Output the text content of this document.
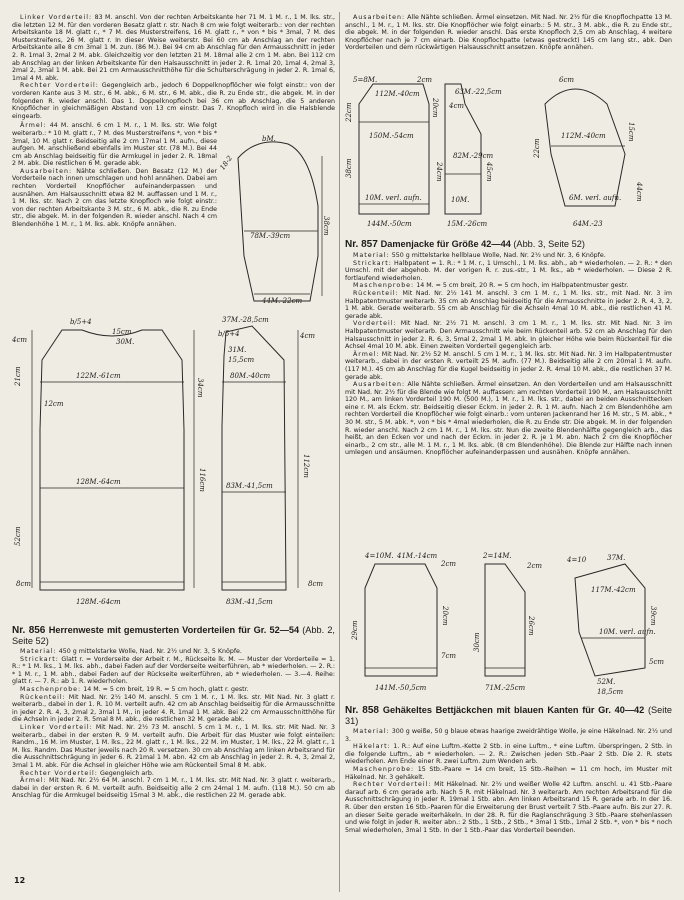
Linker Vorderteil: 83 M. anschl. Von der rechten Arbeitskante her 71 M. 1 M. r., 1 M. lks. str., die letzten 12 M. für den vorderen Besatz glatt r. str. Nach 8 cm wie folgt weiterarb.: von der rechten Arbeitskante 18 M. glatt r., * 7 M. des Musterstreifens, 16 M. glatt r., * von * bis * 3mal, 7 M. des Musterstreifens, 26 M. glatt r. In dieser Weise weiterstr. Bei 60 cm ab Anschlag an der rechten Arbeitskante alle 8 cm 3mal 1 M. zun. (86 M.). Bei 94 cm ab Anschlag für den Armausschnitt in jeder 2. R. 1mal 3, 2mal 2 M. abk. Gleichzeitig vor den letzten 21 M. 18mal alle 2 cm 1 M. abn. Bei 112 cm ab Anschlag an der linken Arbeitskante für den Halsausschnitt in jeder 2. R. 1mal 20, 1mal 4, 2mal 3, 2mal 2, 3mal 1 M. abk. Bei 21 cm Armausschnitthöhe für die Schulterschrägung in jeder 2. R. 1mal 6, 1mal 4 M. abk.

Rechter Vorderteil: Gegengleich arb., jedoch 6 Doppelknopflöcher wie folgt einstr.: von der vorderen Kante aus 3 M. str., 6 M. abk., 6 M. str., 6 M. abk., die R. zu Ende str., die abgek. M. in der folgenden R. wieder anschl. Das 1. Doppelknopfloch bei 36 cm ab Anschlag, die 5 anderen Knopflöcher in gleichmäßigen Abstand von 13 cm einstr. Das 7. Knopfloch wird in die Halsblende eingearb.

Ärmel: 44 M. anschl. 6 cm 1 M. r., 1 M. lks. str. Wie folgt weiterarb.: * 10 M. glatt r., 7 M. des Musterstreifens *, von * bis * 3mal, 10 M. glatt r. Beidseitig alle 2 cm 17mal 1 M. aufn., diese aufgen. M. anschließend ebenfalls im Muster str. (78 M.). Bei 44 cm ab Anschlag beidseitig für die Armkugel in jeder 2. R. 18mal 2 M. abk. Die restlichen 6 M. gerade abk.

Ausarbeiten: Nähte schließen. Den Besatz (12 M.) der Vorderteile nach innen umschlagen und hohl annähen. Dabei am rechten Vorderteil Knopflöcher aufeinanderpassen und ausnähen. Am Halsausschnitt etwa 82 M. auffassen und 1 M. r., 1 M. lks. str. Nach 2 cm das letzte Knopfloch wie folgt einstr.: von der rechten Arbeitskante 3 M. str., 6 M. abk., die R. zu Ende str., die abgek. M. in der folgenden R. wieder anschl. Nach 4 cm Blendenhöhe 1 M. r., 1 M. lks. abk. Knöpfe annähen.

bM.
18-2
78M.-39cm
38cm
44M.-22cm
b/5+4
15cm
30M.
4cm
21cm	122M.-61cm
34cm
12cm
116cm
128M.-64cm
52cm
8cm
128M.-64cm
37M.-28,5cm
b/5+4	4cm
31M.
15,5cm
80M.-40cm
112cm
83M.-41,5cm
8cm
83M.-41,5cm
Nr. 856 Herrenweste mit gemusterten Vorderteilen für Gr. 52—54 (Abb. 2, Seite 52)

Material: 450 g mittelstarke Wolle, Nad. Nr. 2½ und Nr. 3, 5 Knöpfe.

Strickart: Glatt r. = Vorderseite der Arbeit r. M., Rückseite lk. M. — Muster der Vorderteile = 1. R.: * 1 M. lks., 1 M. lks. abh., dabei Faden auf der Vorderseite weiterführen, ab * wiederholen. — 2. R.: * 1 M. r., 1 M. abh., dabei Faden auf der Rückseite weiterführen, ab * wiederholen. — 3.—4. Reihe: glatt r. — 7. R.: ab 1. R. wiederholen.

Maschenprobe: 14 M. = 5 cm breit, 19 R. = 5 cm hoch, glatt r. gestr.

Rückenteil: Mit Nad. Nr. 2½ 140 M. anschl. 5 cm 1 M. r., 1 M. lks. str. Mit Nad. Nr. 3 glatt r. weiterarb., dabei in der 1. R. 10 M. verteilt aufn. 42 cm ab Anschlag beidseitig für die Armausschnitte in jeder 2. R. 4, 3, 2mal 2, 3mal 1 M., in jeder 4. R. 1mal 1 M. abk. Bei 22 cm Armausschnitthöhe für die Achseln in jeder 2. R. 5mal 8 M. abk., die restlichen 32 M. gerade abk.

Linker Vorderteil: Mit Nad. Nr. 2½ 73 M. anschl. 5 cm 1 M. r., 1 M. lks. str. Mit Nad. Nr. 3 weiterarb., dabei in der ersten R. 9 M. verteilt aufn. Die Arbeit für das Muster wie folgt einteilen: Randm., 16 M. im Muster, 1 M. lks., 22 M. glatt r., 1 M. lks., 22 M. im Muster, 1 M. lks., 22 M. glatt r., 1 M. lks. Randm. Das Muster jeweils nach 20 R. versetzen. 30 cm ab Anschlag am linken Arbeitsrand für die Ausschnittschrägung in jeder 6. R. 21mal 1 M. abn. 42 cm ab Anschlag in jeder 2. R. 4, 3, 2mal 2, 3mal 1 M. abk. Für die Achsel in gleicher Höhe wie am Rückenteil 5mal 8 M. abk.

Rechter Vorderteil: Gegengleich arb.

Ärmel: Mit Nad. Nr. 2½ 64 M. anschl. 7 cm 1 M. r., 1 M. lks. str. Mit Nad. Nr. 3 glatt r. weiterarb., dabei in der ersten R. 6 M. verteilt aufn. Beidseitig alle 2 cm 24mal 1 M. aufn. (118 M.). 50 cm ab Anschlag für die Armkugel beidseitig 15mal 3 M. abk., die restlichen 22 M. gerade abk.

Ausarbeiten: Alle Nähte schließen. Ärmel einsetzen. Mit Nad. Nr. 2½ für die Knopflochpatte 13 M. anschl., 1 M. r., 1 M. lks. str. Die Knopflöcher wie folgt einarb.: 5 M. str., 3 M. abk., die R. zu Ende str., die abgek. M. in der folgenden R. wieder anschl. Das erste Knopfloch 2,5 cm ab Anschlag, 4 weitere Knopflöcher nach je 7 cm einarb. Die Knopflochpatte (etwas gestreckt) 145 cm lang str., abk. Den Vorderteilen und dem rückwärtigen Halsausschnitt ansetzen. Knöpfe annähen.

5=8M.	2cm
112M.-40cm
22cm	20cm 4cm
150M.-54cm
63M.-22,5cm
82M.-29cm
38cm	24cm	45cm
10M. verl. aufn.
144M.-50cm	15M.-26cm
10M.
6cm
112M.-40cm	15cm
22cm
44cm
6M. verl. aufn.
64M.-23
Nr. 857 Damenjacke für Größe 42—44 (Abb. 3, Seite 52)

Material: 550 g mittelstarke hellblaue Wolle, Nad. Nr. 2½ und Nr. 3, 6 Knöpfe.

Strickart: Halbpatent = 1. R.: * 1 M. r., 1 Umschl., 1 M. lks. abh., ab * wiederholen. — 2. R.: * den Umschl. mit der abgehob. M. der vorigen R. r. zus.-str., 1 M. lks., ab * wiederholen. — Diese 2 R. fortlaufend wiederholen.

Maschenprobe: 14 M. = 5 cm breit, 20 R. = 5 cm hoch, im Halbpatentmuster gestr.

Rückenteil: Mit Nad. Nr. 2½ 141 M. anschl. 3 cm 1 M. r., 1 M. lks. str., mit Nad. Nr. 3 im Halbpatentmuster weiterarb. 35 cm ab Anschlag beidseitig für die Armausschnitte in jeder 2. R. 4, 3, 2, 1 M. abk. Gerade weiterarb. 55 cm ab Anschlag für die Achseln 4mal 10 M. abk., die restlichen 41 M. gerade abk.

Vorderteil: Mit Nad. Nr. 2½ 71 M. anschl. 3 cm 1 M. r., 1 M. lks. str. Mit Nad. Nr. 3 im Halbpatentmuster weiterarb. Den Armausschnitt wie beim Rückenteil arb. 52 cm ab Anschlag für den Halsausschnitt in jeder 2. R. 6, 3, 5mal 2, 2mal 1 M. abk. In gleicher Höhe wie beim Rückenteil für die Achsel 4mal 10 M. abk. Einen zweiten Vorderteil gegengleich arb.

Ärmel: Mit Nad. Nr. 2½ 52 M. anschl. 5 cm 1 M. r., 1 M. lks. str. Mit Nad. Nr. 3 im Halbpatentmuster weiterarb., dabei in der ersten R. verteilt 25 M. aufn. (77 M.). Beidseitig alle 2 cm 20mal 1 M. aufn. (117 M.). 45 cm ab Anschlag für die Kugel beidseitig in jeder 2. R. 4mal 10 M. abk., die restlichen 37 M. gerade abk.

Ausarbeiten: Alle Nähte schließen. Ärmel einsetzen. An den Vorderteilen und am Halsausschnitt mit Nad. Nr. 2½ für die Blende wie folgt M. auffassen: am rechten Vorderteil 190 M., am Halsausschnitt 120 M., am linken Vorderteil 190 M. (500 M.), 1 M. r., 1 M. lks. str., dabei an beiden Ausschnittecken eine r. M. als Eckm. str. Beidseitig dieser Eckm. in jeder 2. R. 1 M. aufn. Nach 2 cm Blendenhöhe am rechten Vorderteil die Knopflöcher wie folgt einarb.: vom unteren Jackenrand her 16 M. str., 5 M. abk., * 30 M. str., 5 M. abk. *, von * bis * 4mal wiederholen, die R. zu Ende str. Die abgek. M. in der folgenden R. wieder anschl. Nach 2 cm 1 M. r., 1 M. lks. str. Nun die zweite Blendenhälfte gegengleich arb., das heißt, an den Ecken vor und nach der Eckm. in jeder 2. R. je 1 M. abn. Nach 2 cm die Knopflöcher einarb., 2 cm str., alle M. 1 M. r., 1 M. lks. abk. (8 cm Blendenhöhe). Die Blende zur Hälfte nach innen umlegen und ansäumen. Knopflöcher aufeinanderpassen und ausnähen. Knöpfe annähen.

4=10M. 41M.-14cm
2cm
20cm
29cm
7cm
141M.-50,5cm
2=14M.
2cm
26cm
30cm
71M.-25cm
4=10	37M.
117M.-42cm
39cm
10M. verl. aufn.
5cm
52M.
18,5cm
Nr. 858 Gehäkeltes Bettjäckchen mit blauen Kanten für Gr. 40—42 (Seite 31)

Material: 300 g weiße, 50 g blaue etwas haarige zweidrähtige Wolle, je eine Häkelnad. Nr. 2½ und 3.

Häkelart: 1. R.: Auf eine Luftm.-Kette 2 Stb. in eine Luftm., * eine Luftm. überspringen, 2 Stb. in die folgende Luftm., ab * wiederholen. — 2. R.: Zwischen jeden Stb.-Paar 2 Stb. Die 2. R. stets wiederholen. Am Ende einer R. zwei Luftm. zum Wenden arb.

Maschenprobe: 15 Stb.-Paare = 14 cm breit, 15 Stb.-Reihen = 11 cm hoch, im Muster mit Häkelnad. Nr. 3 gehäkelt.

Rechter Vorderteil: Mit Häkelnad. Nr. 2½ und weißer Wolle 42 Luftm. anschl. u. 41 Stb.-Paare darauf arb. 6 cm gerade arb. Nach 5 R. mit Häkelnad. Nr. 3 weiterarb. Am rechten Arbeitsrand für die Ausschnittschrägung in jeder R. 19mal 1 Stb. abn. Am linken Arbeitsrand 15 R. gerade arb. In der 16. R. über den ersten 16 Stb.-Paaren für die Erweiterung der Brust verteilt 7 Stb.-Paare aufn. Bis zur 27. R. an dieser Seite gerade weiterhäkeln. In der 28. R. für die Raglanschrägung 3 Stb.-Paare stehenlassen und wie folgt in jeder R. weiter abn.: 2 Stb., 1 Stb., 2 Stb., * 3mal 1 Stb., 1mal 2 Stb. *, von * bis * noch 5mal wiederholen, 3mal 1 Stb. In der 1 Stb.-Paar das Vorderteil beenden.

12
